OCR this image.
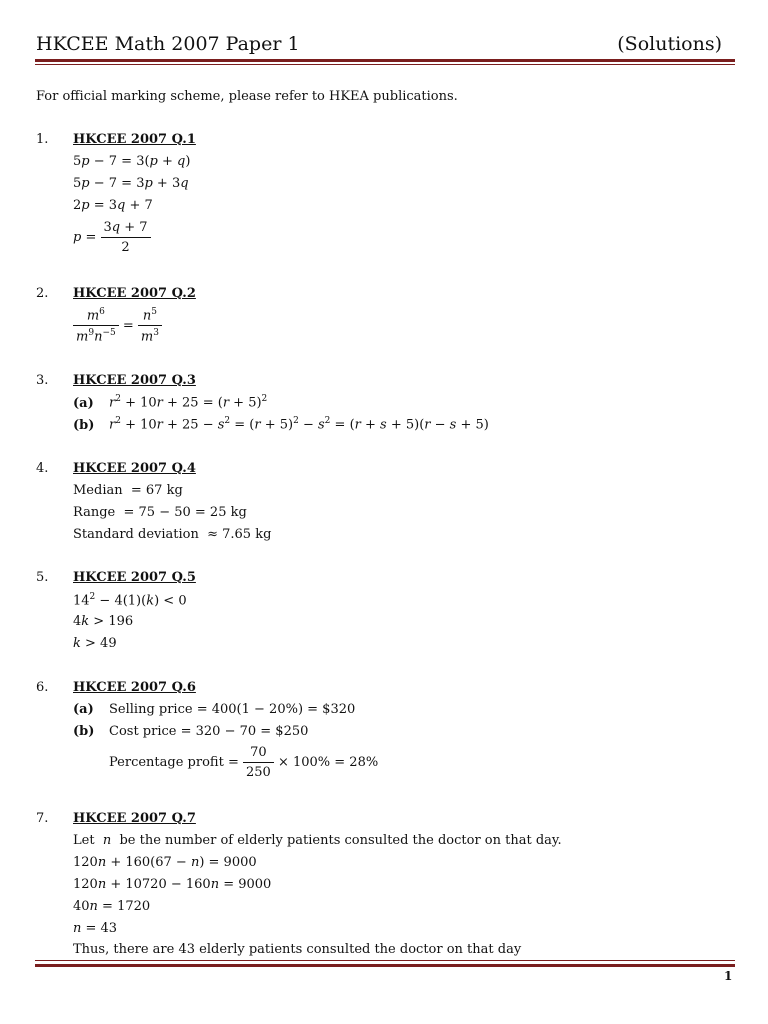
HKCEE Math 2007 Paper 1	(Solutions)
For official marking scheme, please refer to HKEA publications.
1. HKCEE 2007 Q.1
5p − 7 = 3(p + q)
5p − 7 = 3p + 3q
2p = 3q + 7
$p = \frac{3q + 7}{2}$
2. HKCEE 2007 Q.2
$\frac{m^6}{m^9n^{-5}} = \frac{n^5}{m^3}$
3. HKCEE 2007 Q.3
(a) $r^2 + 10r + 25 = (r + 5)^2$
(b) $r^2 + 10r + 25 - s^2 = (r + 5)^2 - s^2 = (r + s + 5)(r - s + 5)$
4. HKCEE 2007 Q.4
Median = 67 kg
Range = 75 − 50 = 25 kg
Standard deviation ≈ 7.65 kg
5. HKCEE 2007 Q.5
$14^2 - 4(1)(k) < 0$
4k > 196
k > 49
6. HKCEE 2007 Q.6
(a) Selling price = 400(1 − 20%) = $320
(b) Cost price = 320 − 70 = $250
Percentage profit = $\frac{70}{250} \times 100\% = 28\%$
7. HKCEE 2007 Q.7
Let n be the number of elderly patients consulted the doctor on that day.
120n + 160(67 − n) = 9000
120n + 10720 − 160n = 9000
40n = 1720
n = 43
Thus, there are 43 elderly patients consulted the doctor on that day
1
